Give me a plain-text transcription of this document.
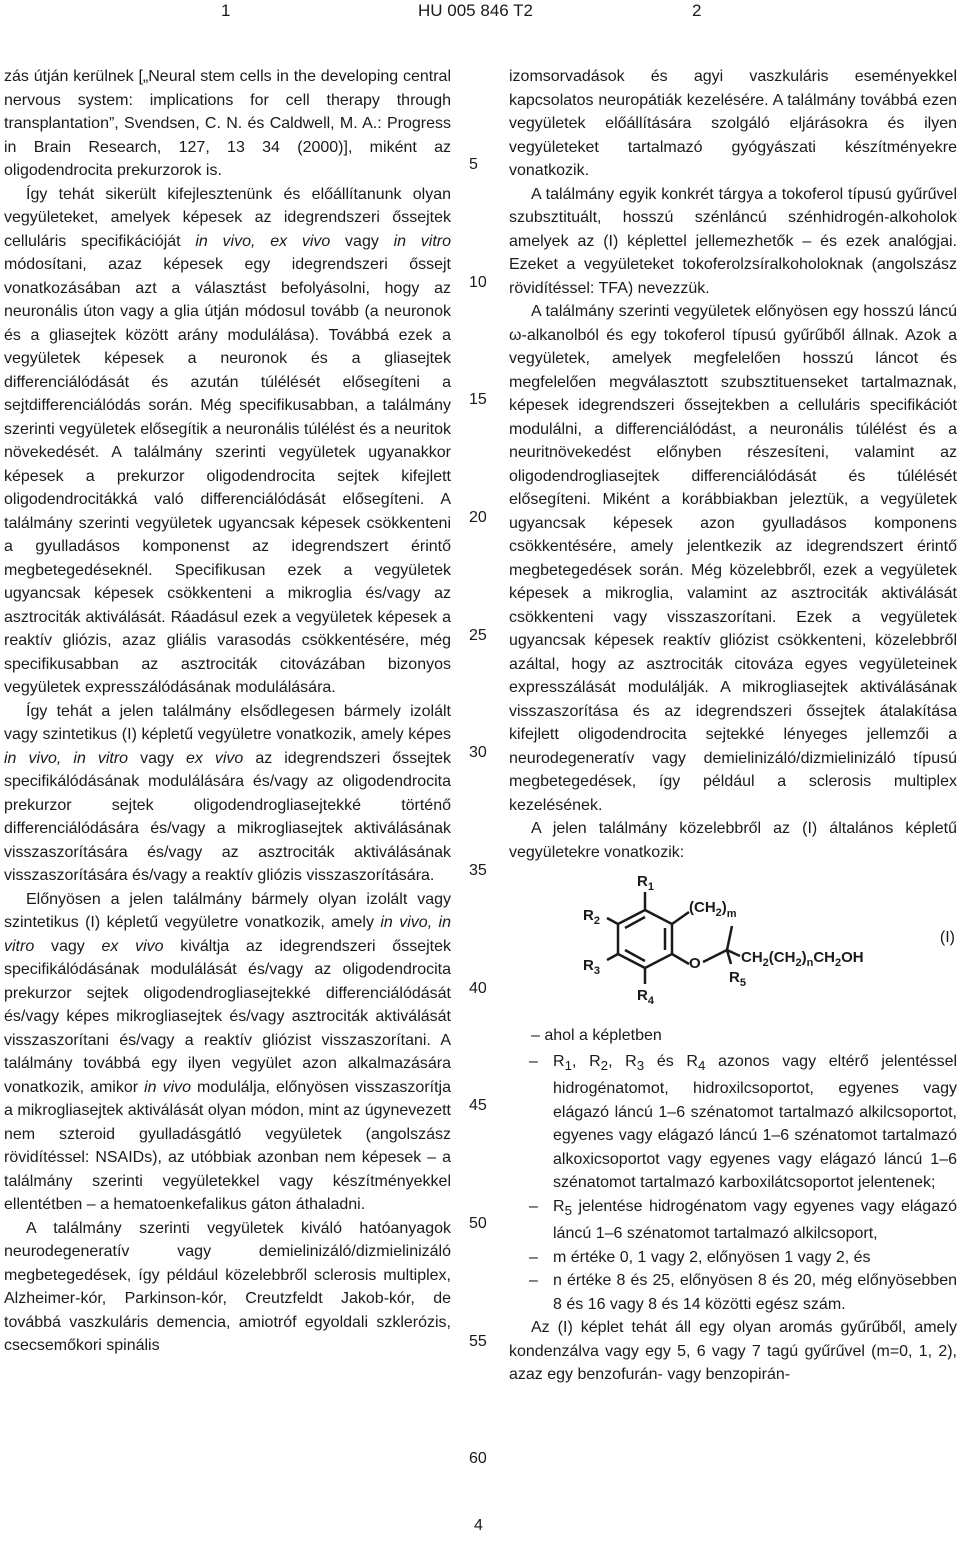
1	HU 005 846 T2	2

zás útján kerülnek [„Neural stem cells in the developing central nervous system: implications for cell therapy through transplantation”, Svendsen, C. N. és Caldwell, M. A.: Progress in Brain Research, 127, 13 34 (2000)], miként az oligodendrocita prekurzorok is.

Így tehát sikerült kifejlesztenünk és előállítanunk olyan vegyületeket, amelyek képesek az idegrendszeri őssejtek celluláris specifikációját in vivo, ex vivo vagy in vitro módosítani, azaz képesek egy idegrendszeri őssejt vonatkozásában azt a választást befolyásolni, hogy az neuronális úton vagy a glia útján módosul tovább (a neuronok és a gliasejtek között arány modulálása). Továbbá ezek a vegyületek képesek a neuronok és a gliasejtek differenciálódását és azután túlélését elősegíteni a sejtdifferenciálódás során. Még specifikusabban, a találmány szerinti vegyületek elősegítik a neuronális túlélést és a neuritok növekedését. A találmány szerinti vegyületek ugyanakkor képesek a prekurzor oligodendrocita sejtek kifejlett oligodendrocitákká való differenciálódását elősegíteni. A találmány szerinti vegyületek ugyancsak képesek csökkenteni a gyulladásos komponenst az idegrendszert érintő megbetegedéseknél. Specifikusan ezek a vegyületek ugyancsak képesek csökkenteni a mikroglia és/vagy az asztrociták aktiválását. Ráadásul ezek a vegyületek képesek a reaktív gliózis, azaz gliális varasodás csökkentésére, még specifikusabban az asztrociták citovázában bizonyos vegyületek expresszálódásának modulálására.

Így tehát a jelen találmány elsődlegesen bármely izolált vagy szintetikus (I) képletű vegyületre vonatkozik, amely képes in vivo, in vitro vagy ex vivo az idegrendszeri őssejtek specifikálódásának modulálására és/vagy az oligodendrocita prekurzor sejtek oligodendrogliasejtekké történő differenciálódására és/vagy a mikrogliasejtek aktiválásának visszaszorítására és/vagy az asztrociták aktiválásának visszaszorítására és/vagy a reaktív gliózis visszaszorítására.

Előnyösen a jelen találmány bármely olyan izolált vagy szintetikus (I) képletű vegyületre vonatkozik, amely in vivo, in vitro vagy ex vivo kiváltja az idegrendszeri őssejtek specifikálódásának modulálását és/vagy az oligodendrocita prekurzor sejtek oligodendrogliasejtekké differenciálódását és/vagy képes mikrogliasejtek és/vagy asztrociták aktiválását visszaszorítani és/vagy a reaktív gliózist visszaszorítani. A találmány továbbá egy ilyen vegyület azon alkalmazására vonatkozik, amikor in vivo modulálja, előnyösen visszaszorítja a mikrogliasejtek aktiválását olyan módon, mint az úgynevezett nem szteroid gyulladásgátló vegyületek (angolszász rövidítéssel: NSAIDs), az utóbbiak azonban nem képesek – a találmány szerinti vegyületekkel vagy készítményekkel ellentétben – a hematoenkefalikus gáton áthaladni.

A találmány szerinti vegyületek kiváló hatóanyagok neurodegeneratív vagy demielinizáló/dizmielinizáló megbetegedések, így például közelebbről sclerosis multiplex, Alzheimer-kór, Parkinson-kór, Creutzfeldt Jakob-kór, de továbbá vaszkuláris demencia, amiotróf egyoldali szklerózis, csecsemőkori spinális

5
10
15
20
25
30
35
40
45
50
55
60

izomsorvadások és agyi vaszkuláris eseményekkel kapcsolatos neuropátiák kezelésére. A találmány továbbá ezen vegyületek előállítására szolgáló eljárásokra és ilyen vegyületeket tartalmazó gyógyászati készítményekre vonatkozik.

A találmány egyik konkrét tárgya a tokoferol típusú gyűrűvel szubsztituált, hosszú szénláncú szénhidrogén-alkoholok amelyek az (I) képlettel jellemezhetők – és ezek analógjai. Ezeket a vegyületeket tokoferolzsíralkoholoknak (angolszász rövidítéssel: TFA) nevezzük.

A találmány szerinti vegyületek előnyösen egy hosszú láncú ω-alkanolból és egy tokoferol típusú gyűrűből állnak. Azok a vegyületek, amelyek megfelelően hosszú láncot és megfelelően megválasztott szubsztituenseket tartalmaznak, képesek idegrendszeri őssejtekben a celluláris specifikációt modulálni, a differenciálódást, a neuronális túlélést és a neuritnövekedést előnyben részesíteni, valamint az oligodendrogliasejtek differenciálódását és túlélését elősegíteni. Miként a korábbiakban jeleztük, a vegyületek ugyancsak képesek azon gyulladásos komponens csökkentésére, amely jelentkezik az idegrendszert érintő megbetegedések során. Még közelebbről, ezek a vegyületek képesek a mikroglia, valamint az asztrociták aktiválását csökkenteni vagy visszaszorítani. Ezek a vegyületek ugyancsak képesek reaktív gliózist csökkenteni, közelebbről azáltal, hogy az asztrociták citováza egyes vegyületeinek expresszálását modulálják. A mikrogliasejtek aktiválásának visszaszorítása és az idegrendszeri őssejtek átalakítása kifejlett oligodendrocita sejtekké lényeges jellemzői a neurodegeneratív vagy demielinizáló/dizmielinizáló típusú megbetegedések, így például a sclerosis multiplex kezelésének.

A jelen találmány közelebbről az (I) általános képletű vegyületekre vonatkozik:

$R_1$
$R_2$
$R_3$
$R_4$
$R_5$
O
$(CH_2)_m$
$CH_2(CH_2)_nCH_2OH$
(I)

– ahol a képletben

– $R_1$, $R_2$, $R_3$ és $R_4$ azonos vagy eltérő jelentéssel hidrogénatomot, hidroxilcsoportot, egyenes vagy elágazó láncú 1–6 szénatomot tartalmazó alkilcsoportot, egyenes vagy elágazó láncú 1–6 szénatomot tartalmazó alkoxicsoportot vagy egyenes vagy elágazó láncú 1–6 szénatomot tartalmazó karboxilátcsoportot jelentenek;
– $R_5$ jelentése hidrogénatom vagy egyenes vagy elágazó láncú 1–6 szénatomot tartalmazó alkilcsoport,
– m értéke 0, 1 vagy 2, előnyösen 1 vagy 2, és
– n értéke 8 és 25, előnyösen 8 és 20, még előnyösebben 8 és 16 vagy 8 és 14 közötti egész szám.

Az (I) képlet tehát áll egy olyan aromás gyűrűből, amely kondenzálva vagy egy 5, 6 vagy 7 tagú gyűrűvel (m=0, 1, 2), azaz egy benzofurán- vagy benzopirán-

4
